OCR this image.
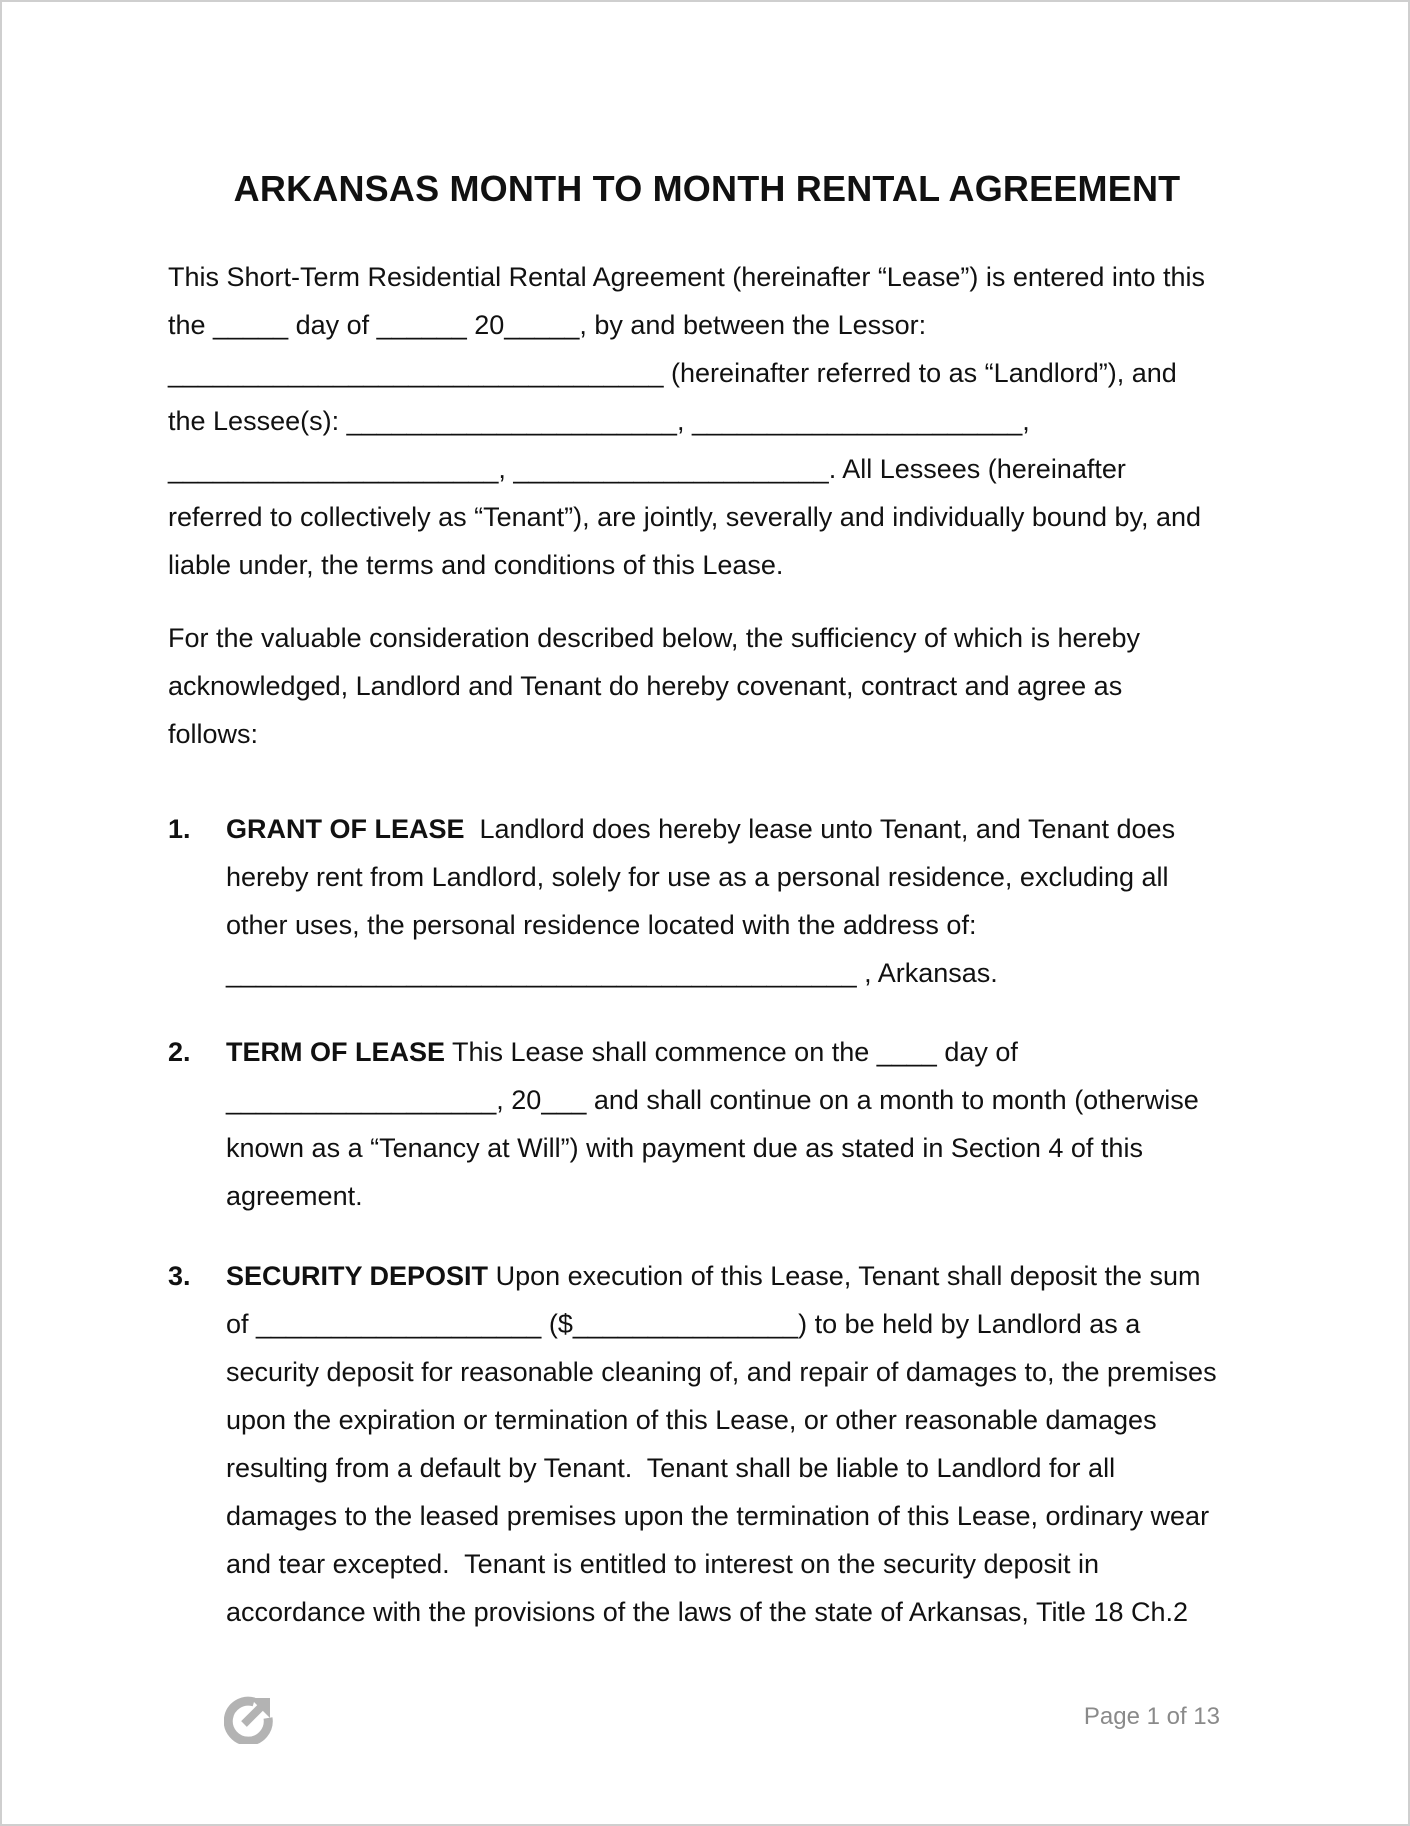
ARKANSAS MONTH TO MONTH RENTAL AGREEMENT
This Short-Term Residential Rental Agreement (hereinafter “Lease”) is entered into this
the _____ day of ______ 20_____, by and between the Lessor:
_________________________________ (hereinafter referred to as “Landlord”), and
the Lessee(s): ______________________, ______________________,
______________________, _____________________. All Lessees (hereinafter
referred to collectively as “Tenant”), are jointly, severally and individually bound by, and
liable under, the terms and conditions of this Lease.
For the valuable consideration described below, the sufficiency of which is hereby
acknowledged, Landlord and Tenant do hereby covenant, contract and agree as
follows:
1. GRANT OF LEASE  Landlord does hereby lease unto Tenant, and Tenant does
hereby rent from Landlord, solely for use as a personal residence, excluding all
other uses, the personal residence located with the address of:
__________________________________________ , Arkansas.
2. TERM OF LEASE This Lease shall commence on the ____ day of
__________________, 20___ and shall continue on a month to month (otherwise
known as a “Tenancy at Will”) with payment due as stated in Section 4 of this
agreement.
3. SECURITY DEPOSIT Upon execution of this Lease, Tenant shall deposit the sum
of ___________________ ($_______________) to be held by Landlord as a
security deposit for reasonable cleaning of, and repair of damages to, the premises
upon the expiration or termination of this Lease, or other reasonable damages
resulting from a default by Tenant.  Tenant shall be liable to Landlord for all
damages to the leased premises upon the termination of this Lease, ordinary wear
and tear excepted.  Tenant is entitled to interest on the security deposit in
accordance with the provisions of the laws of the state of Arkansas, Title 18 Ch.2
Page 1 of 13
